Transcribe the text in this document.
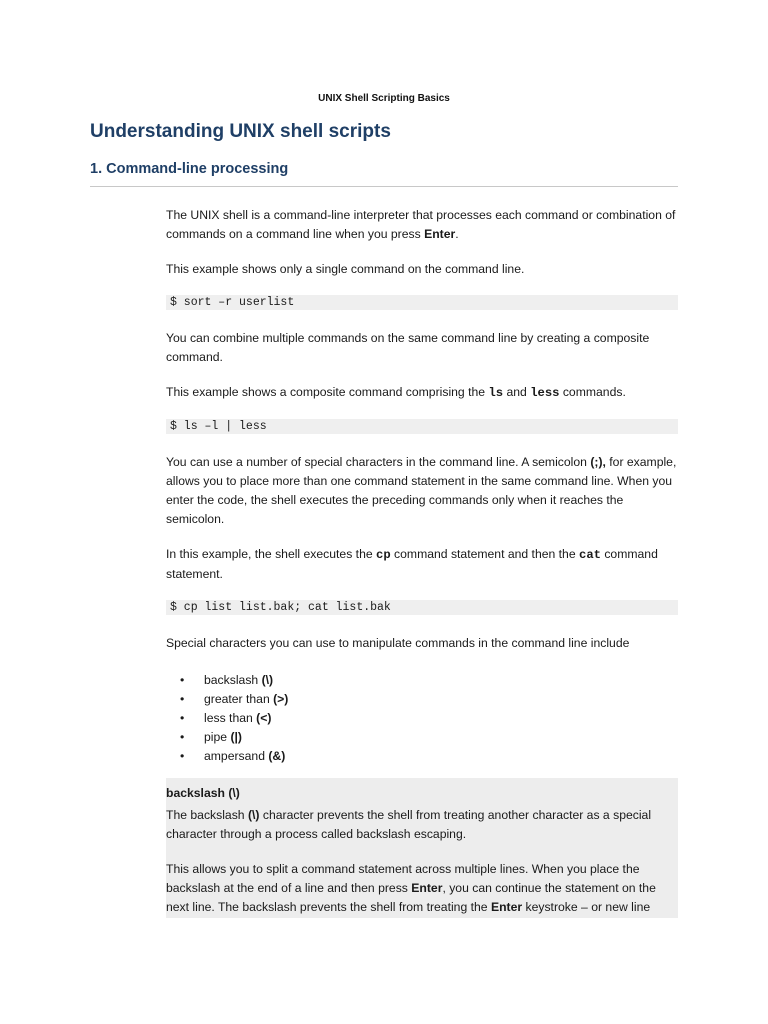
UNIX Shell Scripting Basics
Understanding UNIX shell scripts
1. Command-line processing

The UNIX shell is a command-line interpreter that processes each command or combination of commands on a command line when you press Enter.

This example shows only a single command on the command line.

$ sort –r userlist

You can combine multiple commands on the same command line by creating a composite command.

This example shows a composite command comprising the ls and less commands.

$ ls –l | less

You can use a number of special characters in the command line. A semicolon (;), for example, allows you to place more than one command statement in the same command line. When you enter the code, the shell executes the preceding commands only when it reaches the semicolon.

In this example, the shell executes the cp command statement and then the cat command statement.

$ cp list list.bak; cat list.bak

Special characters you can use to manipulate commands in the command line include

• backslash (\)
• greater than (>)
• less than (<)
• pipe (|)
• ampersand (&)
backslash (\)

The backslash (\) character prevents the shell from treating another character as a special character through a process called backslash escaping.

This allows you to split a command statement across multiple lines. When you place the backslash at the end of a line and then press Enter, you can continue the statement on the next line. The backslash prevents the shell from treating the Enter keystroke – or new line
